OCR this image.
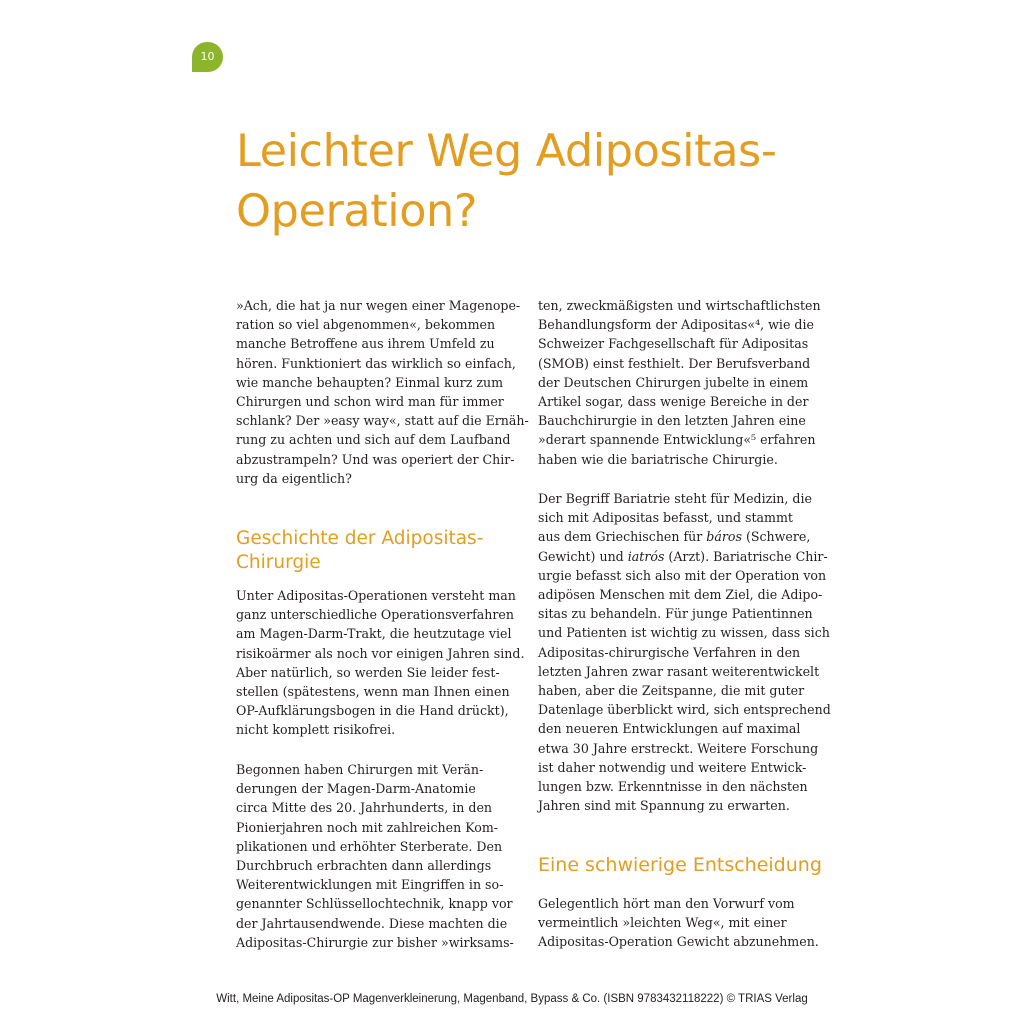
10
Leichter Weg Adipositas-
Operation?
»Ach, die hat ja nur wegen einer Magenope-
ration so viel abgenommen«, bekommen
manche Betroffene aus ihrem Umfeld zu
hören. Funktioniert das wirklich so einfach,
wie manche behaupten? Einmal kurz zum
Chirurgen und schon wird man für immer
schlank? Der »easy way«, statt auf die Ernäh-
rung zu achten und sich auf dem Laufband
abzustrampeln? Und was operiert der Chir-
urg da eigentlich?
Geschichte der Adipositas-
Chirurgie
Unter Adipositas-Operationen versteht man
ganz unterschiedliche Operationsverfahren
am Magen-Darm-Trakt, die heutzutage viel
risikoärmer als noch vor einigen Jahren sind.
Aber natürlich, so werden Sie leider fest-
stellen (spätestens, wenn man Ihnen einen
OP-Aufklärungsbogen in die Hand drückt),
nicht komplett risikofrei.
Begonnen haben Chirurgen mit Verän-
derungen der Magen-Darm-Anatomie
circa Mitte des 20. Jahrhunderts, in den
Pionierjahren noch mit zahlreichen Kom-
plikationen und erhöhter Sterberate. Den
Durchbruch erbrachten dann allerdings
Weiterentwicklungen mit Eingriffen in so-
genannter Schlüssellochtechnik, knapp vor
der Jahrtausendwende. Diese machten die
Adipositas-Chirurgie zur bisher »wirksams-
ten, zweckmäßigsten und wirtschaftlichsten
Behandlungsform der Adipositas«⁴, wie die
Schweizer Fachgesellschaft für Adipositas
(SMOB) einst festhielt. Der Berufsverband
der Deutschen Chirurgen jubelte in einem
Artikel sogar, dass wenige Bereiche in der
Bauchchirurgie in den letzten Jahren eine
»derart spannende Entwicklung«⁵ erfahren
haben wie die bariatrische Chirurgie.
Der Begriff Bariatrie steht für Medizin, die
sich mit Adipositas befasst, und stammt
aus dem Griechischen für báros (Schwere,
Gewicht) und iatrós (Arzt). Bariatrische Chir-
urgie befasst sich also mit der Operation von
adipösen Menschen mit dem Ziel, die Adipo-
sitas zu behandeln. Für junge Patientinnen
und Patienten ist wichtig zu wissen, dass sich
Adipositas-chirurgische Verfahren in den
letzten Jahren zwar rasant weiterentwickelt
haben, aber die Zeitspanne, die mit guter
Datenlage überblickt wird, sich entsprechend
den neueren Entwicklungen auf maximal
etwa 30 Jahre erstreckt. Weitere Forschung
ist daher notwendig und weitere Entwick-
lungen bzw. Erkenntnisse in den nächsten
Jahren sind mit Spannung zu erwarten.
Eine schwierige Entscheidung
Gelegentlich hört man den Vorwurf vom
vermeintlich »leichten Weg«, mit einer
Adipositas-Operation Gewicht abzunehmen.
Witt, Meine Adipositas-OP Magenverkleinerung, Magenband, Bypass & Co. (ISBN 9783432118222) © TRIAS Verlag
